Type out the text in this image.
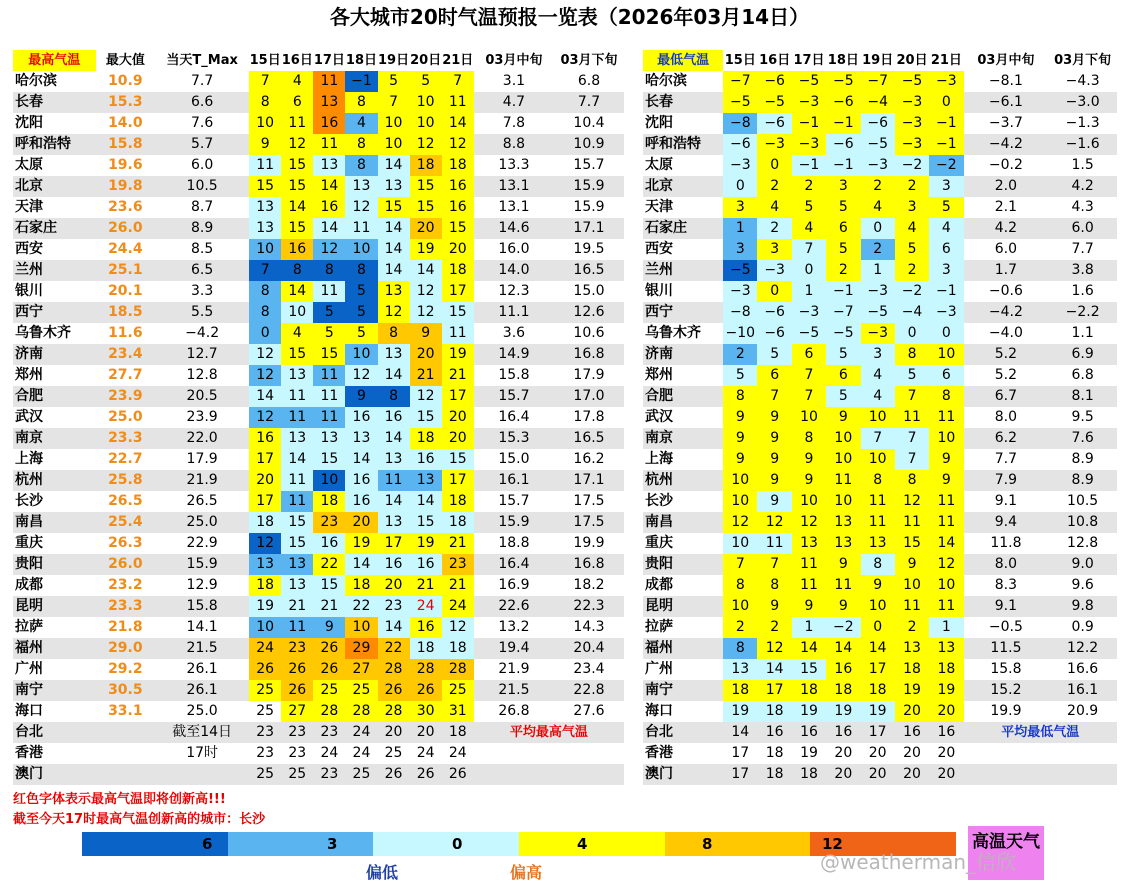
各大城市20时气温预报一览表（2026年03月14日）
最高气温	最大值	当天T_Max	15日	16日	17日	18日	19日	20日	21日	03月中旬	03月下旬
哈尔滨	10.9	7.7	7	4	11	−1	5	5	7	3.1	6.8
长春	15.3	6.6	8	6	13	8	7	10	11	4.7	7.7
沈阳	14.0	7.6	10	11	16	4	10	10	14	7.8	10.4
呼和浩特	15.8	5.7	9	12	11	8	10	12	12	8.8	10.9
太原	19.6	6.0	11	15	13	8	14	18	18	13.3	15.7
北京	19.8	10.5	15	15	14	13	13	15	16	13.1	15.9
天津	23.6	8.7	13	14	16	12	15	15	16	13.1	15.9
石家庄	26.0	8.9	13	15	14	11	14	20	15	14.6	17.1
西安	24.4	8.5	10	16	12	10	14	19	20	16.0	19.5
兰州	25.1	6.5	7	8	8	8	14	14	18	14.0	16.5
银川	20.1	3.3	8	14	11	5	13	12	17	12.3	15.0
西宁	18.5	5.5	8	10	5	5	12	12	15	11.1	12.6
乌鲁木齐	11.6	−4.2	0	4	5	5	8	9	11	3.6	10.6
济南	23.4	12.7	12	15	15	10	13	20	19	14.9	16.8
郑州	27.7	12.8	12	13	11	12	14	21	21	15.8	17.9
合肥	23.9	20.5	14	11	11	9	8	12	17	15.7	17.0
武汉	25.0	23.9	12	11	11	16	16	15	20	16.4	17.8
南京	23.3	22.0	16	13	13	13	14	18	20	15.3	16.5
上海	22.7	17.9	17	14	15	14	13	16	15	15.0	16.2
杭州	25.8	21.9	20	11	10	16	11	13	17	16.1	17.1
长沙	26.5	26.5	17	11	18	16	14	14	18	15.7	17.5
南昌	25.4	25.0	18	15	23	20	13	15	18	15.9	17.5
重庆	26.3	22.9	12	15	16	19	17	19	21	18.8	19.9
贵阳	26.0	15.9	13	13	22	14	16	16	23	16.4	16.8
成都	23.2	12.9	18	13	15	18	20	21	21	16.9	18.2
昆明	23.3	15.8	19	21	21	22	23	24	24	22.6	22.3
拉萨	21.8	14.1	10	11	9	10	14	16	12	13.2	14.3
福州	29.0	21.5	24	23	26	29	22	18	18	19.4	20.4
广州	29.2	26.1	26	26	26	27	28	28	28	21.9	23.4
南宁	30.5	26.1	25	26	25	25	26	26	25	21.5	22.8
海口	33.1	25.0	25	27	28	28	28	30	31	26.8	27.6
台北		截至14日	23	23	23	24	20	20	18	平均最高气温	
香港		17时	23	23	24	24	25	24	24		
澳门			25	25	23	25	26	26	26		
最低气温	15日	16日	17日	18日	19日	20日	21日	03月中旬	03月下旬
哈尔滨	−7	−6	−5	−5	−7	−5	−3	−8.1	−4.3
长春	−5	−5	−3	−6	−4	−3	0	−6.1	−3.0
沈阳	−8	−6	−1	−1	−6	−3	−1	−3.7	−1.3
呼和浩特	−6	−3	−3	−6	−5	−3	−1	−4.2	−1.6
太原	−3	0	−1	−1	−3	−2	−2	−0.2	1.5
北京	0	2	2	3	2	2	3	2.0	4.2
天津	3	4	5	5	4	3	5	2.1	4.3
石家庄	1	2	4	6	0	4	4	4.2	6.0
西安	3	3	7	5	2	5	6	6.0	7.7
兰州	−5	−3	0	2	1	2	3	1.7	3.8
银川	−3	0	1	−1	−3	−2	−1	−0.6	1.6
西宁	−8	−6	−3	−7	−5	−4	−3	−4.2	−2.2
乌鲁木齐	−10	−6	−5	−5	−3	0	0	−4.0	1.1
济南	2	5	6	5	3	8	10	5.2	6.9
郑州	5	6	7	6	4	5	6	5.2	6.8
合肥	8	7	7	5	4	7	8	6.7	8.1
武汉	9	9	10	9	10	11	11	8.0	9.5
南京	9	9	8	10	7	7	10	6.2	7.6
上海	9	9	9	10	10	7	9	7.7	8.9
杭州	10	9	9	11	8	8	9	7.9	8.9
长沙	10	9	10	10	11	12	11	9.1	10.5
南昌	12	12	12	13	11	11	11	9.4	10.8
重庆	10	11	13	13	13	15	14	11.8	12.8
贵阳	7	7	11	9	8	9	12	8.0	9.0
成都	8	8	11	11	9	10	10	8.3	9.6
昆明	10	9	9	9	10	11	11	9.1	9.8
拉萨	2	2	1	−2	0	2	1	−0.5	0.9
福州	8	12	14	14	14	13	13	11.5	12.2
广州	13	14	15	16	17	18	18	15.8	16.6
南宁	18	17	18	18	18	19	19	15.2	16.1
海口	19	18	19	19	19	20	20	19.9	20.9
台北	14	16	16	16	17	16	16	平均最低气温	
香港	17	18	19	20	20	20	20		
澳门	17	18	18	20	20	20	20		
红色字体表示最高气温即将创新高!!!
截至今天17时最高气温创新高的城市：长沙
6	3	0	4	8	12
偏低	偏高
高温天气
@weatherman_信欣
